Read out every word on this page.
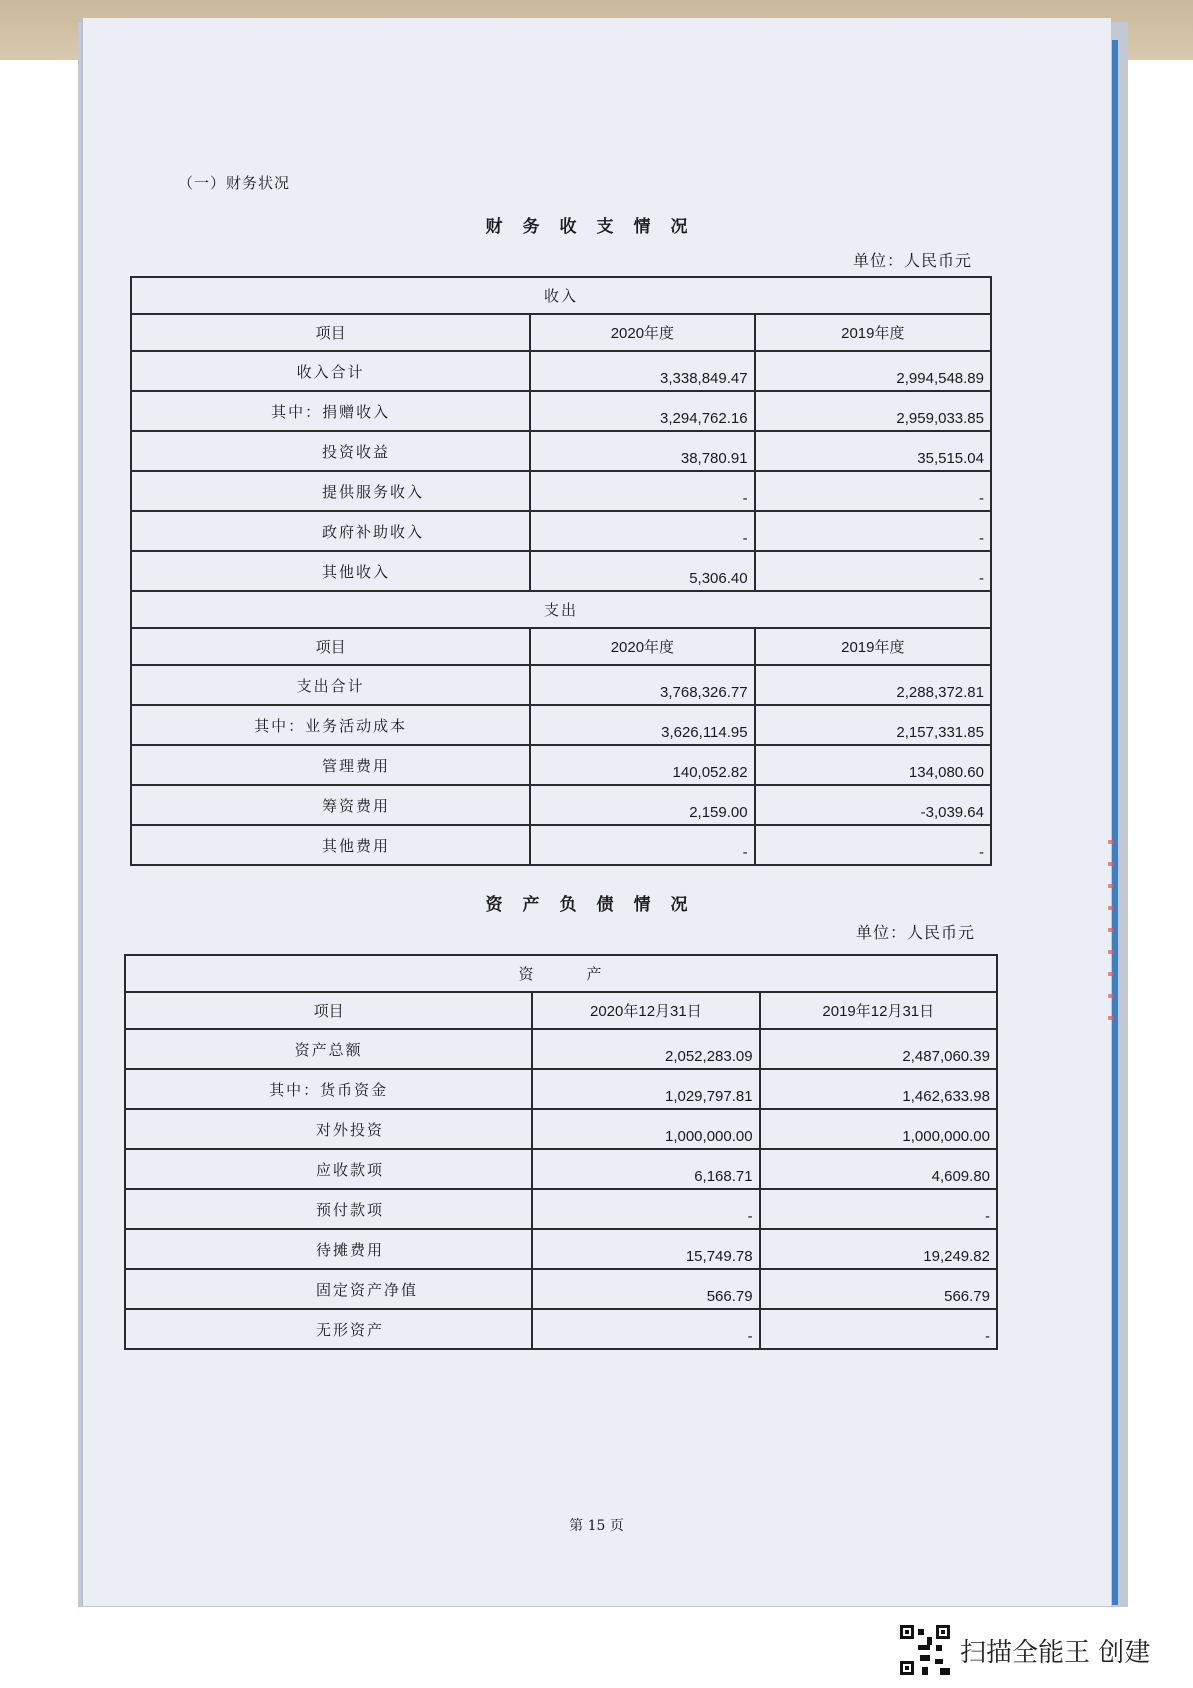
（一）财务状况
财务收支情况
单位：人民币元
收入		
项目	2020年度	2019年度
收入合计	3,338,849.47	2,994,548.89
其中：捐赠收入	3,294,762.16	2,959,033.85
投资收益	38,780.91	35,515.04
提供服务收入	-	-
政府补助收入	-	-
其他收入	5,306.40	-
支出		
项目	2020年度	2019年度
支出合计	3,768,326.77	2,288,372.81
其中：业务活动成本	3,626,114.95	2,157,331.85
管理费用	140,052.82	134,080.60
筹资费用	2,159.00	-3,039.64
其他费用	-	-
资产负债情况
单位：人民币元
资　　　产		
项目	2020年12月31日	2019年12月31日
资产总额	2,052,283.09	2,487,060.39
其中：货币资金	1,029,797.81	1,462,633.98
对外投资	1,000,000.00	1,000,000.00
应收款项	6,168.71	4,609.80
预付款项	-	-
待摊费用	15,749.78	19,249.82
固定资产净值	566.79	566.79
无形资产	-	-
第 15 页
扫描全能王 创建
